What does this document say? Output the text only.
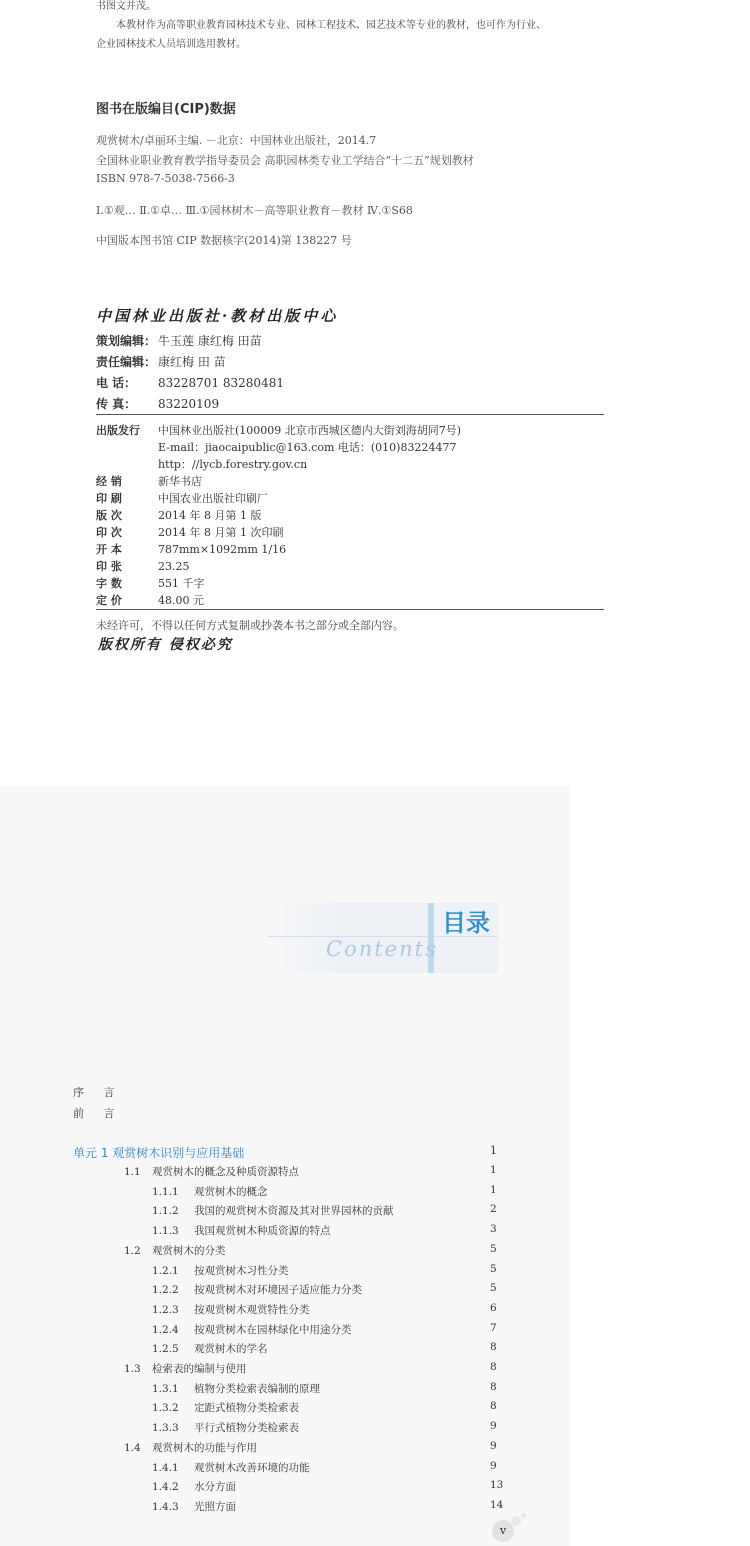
书图文并茂。
本教材作为高等职业教育园林技术专业、园林工程技术、园艺技术等专业的教材，也可作为行业、
企业园林技术人员培训选用教材。
图书在版编目(CIP)数据
观赏树木/卓丽环主编. －北京：中国林业出版社，2014.7
全国林业职业教育教学指导委员会 高职园林类专业工学结合“十二五”规划教材
ISBN 978-7-5038-7566-3
Ⅰ.①观… Ⅱ.①卓… Ⅲ.①园林树木－高等职业教育－教材 Ⅳ.①S68
中国版本图书馆 CIP 数据核字(2014)第 138227 号
中国林业出版社·教材出版中心
策划编辑： 牛玉莲 康红梅 田苗
责任编辑： 康红梅 田 苗
电 话： 83228701 83280481
传 真： 83220109
出版发行 中国林业出版社(100009 北京市西城区德内大街刘海胡同7号)
E-mail：jiaocaipublic@163.com 电话：(010)83224477
http：//lycb.forestry.gov.cn
经 销	新华书店
印 刷	中国农业出版社印刷厂
版 次	2014 年 8 月第 1 版
印 次	2014 年 8 月第 1 次印刷
开 本	787mm×1092mm 1/16
印 张	23.25
字 数	551 千字
定 价	48.00 元
未经许可，不得以任何方式复制或抄袭本书之部分或全部内容。
版权所有 侵权必究
目录
Contents
序 言
前 言
单元 1 观赏树木识别与应用基础	1
1.1 观赏树木的概念及种质资源特点	1
1.1.1 观赏树木的概念	1
1.1.2 我国的观赏树木资源及其对世界园林的贡献	2
1.1.3 我国观赏树木种质资源的特点	3
1.2 观赏树木的分类	5
1.2.1 按观赏树木习性分类	5
1.2.2 按观赏树木对环境因子适应能力分类	5
1.2.3 按观赏树木观赏特性分类	6
1.2.4 按观赏树木在园林绿化中用途分类	7
1.2.5 观赏树木的学名	8
1.3 检索表的编制与使用	8
1.3.1 植物分类检索表编制的原理	8
1.3.2 定距式植物分类检索表	8
1.3.3 平行式植物分类检索表	9
1.4 观赏树木的功能与作用	9
1.4.1 观赏树木改善环境的功能	9
1.4.2 水分方面	13
1.4.3 光照方面	14
v
